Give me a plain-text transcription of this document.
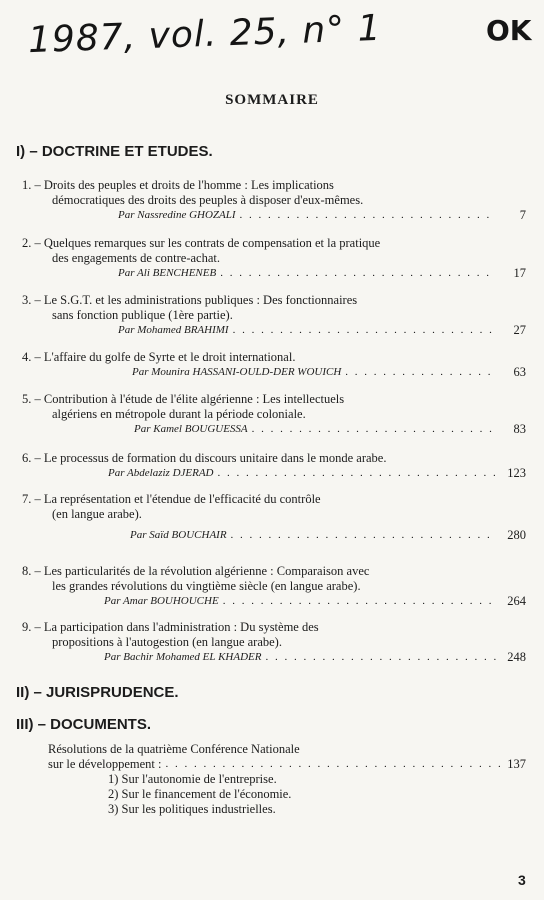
1987, vol. 25, n° 1	OK
SOMMAIRE
I) – DOCTRINE ET ETUDES.
1. – Droits des peuples et droits de l'homme : Les implications
démocratiques des droits des peuples à disposer d'eux-mêmes.
Par Nassredine GHOZALI . . .	7
2. – Quelques remarques sur les contrats de compensation et la pratique
des engagements de contre-achat.
Par Ali BENCHENEB . . .	17
3. – Le S.G.T. et les administrations publiques : Des fonctionnaires
sans fonction publique (1ère partie).
Par Mohamed BRAHIMI . . .	27
4. – L'affaire du golfe de Syrte et le droit international.
Par Mounira HASSANI-OULD-DER WOUICH . . .	63
5. – Contribution à l'étude de l'élite algérienne : Les intellectuels
algériens en métropole durant la période coloniale.
Par Kamel BOUGUESSA . . .	83
6. – Le processus de formation du discours unitaire dans le monde arabe.
Par Abdelaziz DJERAD . . .	123
7. – La représentation et l'étendue de l'efficacité du contrôle
(en langue arabe).
Par Saïd BOUCHAIR . . .	280
8. – Les particularités de la révolution algérienne : Comparaison avec
les grandes révolutions du vingtième siècle (en langue arabe).
Par Amar BOUHOUCHE . . .	264
9. – La participation dans l'administration : Du système des
propositions à l'autogestion (en langue arabe).
Par Bachir Mohamed EL KHADER . . .	248
II) – JURISPRUDENCE.
III) – DOCUMENTS.
Résolutions de la quatrième Conférence Nationale
sur le développement : . . .	137
1) Sur l'autonomie de l'entreprise.
2) Sur le financement de l'économie.
3) Sur les politiques industrielles.
3
